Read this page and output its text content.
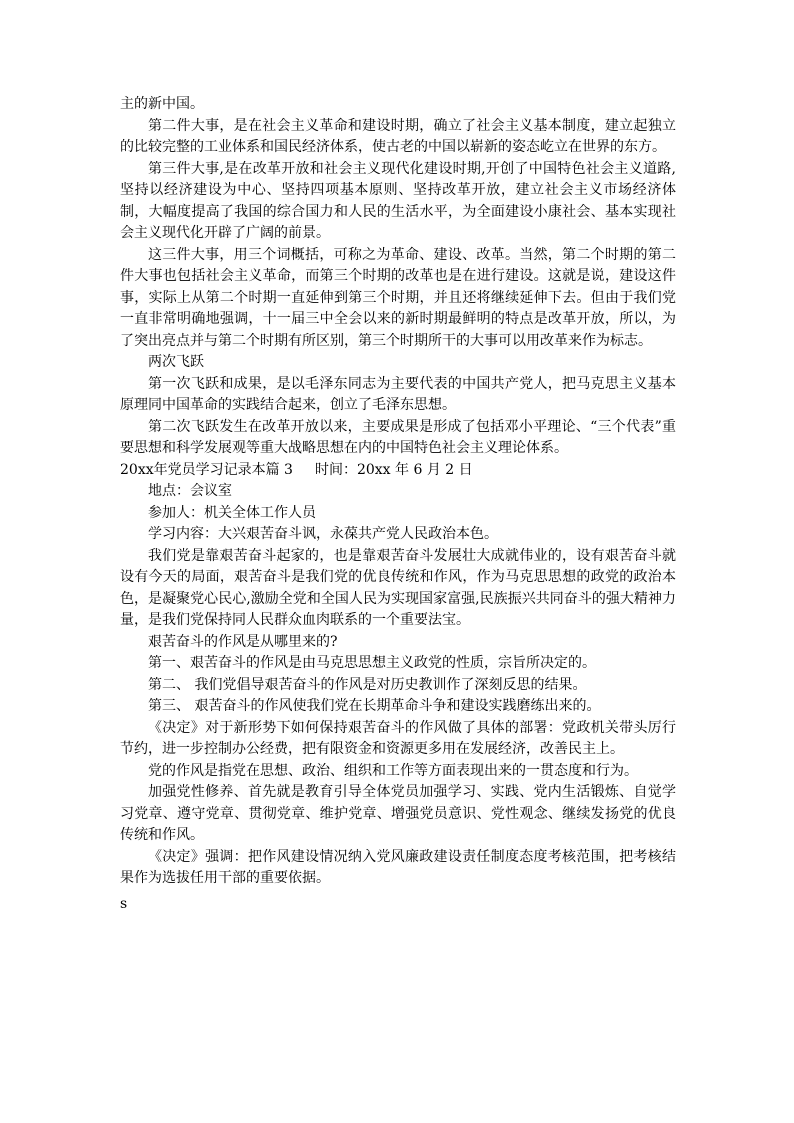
主的新中国。

第二件大事，是在社会主义革命和建设时期，确立了社会主义基本制度，建立起独立的比较完整的工业体系和国民经济体系，使古老的中国以崭新的姿态屹立在世界的东方。

第三件大事,是在改革开放和社会主义现代化建设时期,开创了中国特色社会主义道路,坚持以经济建设为中心、坚持四项基本原则、坚持改革开放，建立社会主义市场经济体制，大幅度提高了我国的综合国力和人民的生活水平，为全面建设小康社会、基本实现社会主义现代化开辟了广阔的前景。

这三件大事，用三个词概括，可称之为革命、建设、改革。当然，第二个时期的第二件大事也包括社会主义革命，而第三个时期的改革也是在进行建设。这就是说，建设这件事，实际上从第二个时期一直延伸到第三个时期，并且还将继续延伸下去。但由于我们党一直非常明确地强调，十一届三中全会以来的新时期最鲜明的特点是改革开放，所以，为了突出亮点并与第二个时期有所区别，第三个时期所干的大事可以用改革来作为标志。

两次飞跃

第一次飞跃和成果，是以毛泽东同志为主要代表的中国共产党人，把马克思主义基本原理同中国革命的实践结合起来，创立了毛泽东思想。

第二次飞跃发生在改革开放以来，主要成果是形成了包括邓小平理论、“三个代表”重要思想和科学发展观等重大战略思想在内的中国特色社会主义理论体系。

20xx年党员学习记录本篇 3 时间：20xx 年 6 月 2 日

地点：会议室

参加人：机关全体工作人员

学习内容：大兴艰苦奋斗讽，永葆共产党人民政治本色。

我们党是靠艰苦奋斗起家的，也是靠艰苦奋斗发展壮大成就伟业的，设有艰苦奋斗就设有今天的局面，艰苦奋斗是我们党的优良传统和作风，作为马克思思想的政党的政治本色，是凝聚党心民心,激励全党和全国人民为实现国家富强,民族振兴共同奋斗的强大精神力量，是我们党保持同人民群众血肉联系的一个重要法宝。

艰苦奋斗的作风是从哪里来的?

第一、艰苦奋斗的作风是由马克思思想主义政党的性质，宗旨所决定的。

第二、 我们党倡导艰苦奋斗的作风是对历史教训作了深刻反思的结果。

第三、 艰苦奋斗的作风使我们党在长期革命斗争和建设实践磨练出来的。

《决定》对于新形势下如何保持艰苦奋斗的作风做了具体的部署：党政机关带头厉行节约，进一步控制办公经费，把有限资金和资源更多用在发展经济，改善民主上。

党的作风是指党在思想、政治、组织和工作等方面表现出来的一贯态度和行为。

加强党性修养、首先就是教育引导全体党员加强学习、实践、党内生活锻炼、自觉学习党章、遵守党章、贯彻党章、维护党章、增强党员意识、党性观念、继续发扬党的优良传统和作风。

《决定》强调：把作风建设情况纳入党风廉政建设责任制度态度考核范围，把考核结果作为选拔任用干部的重要依据。

s
